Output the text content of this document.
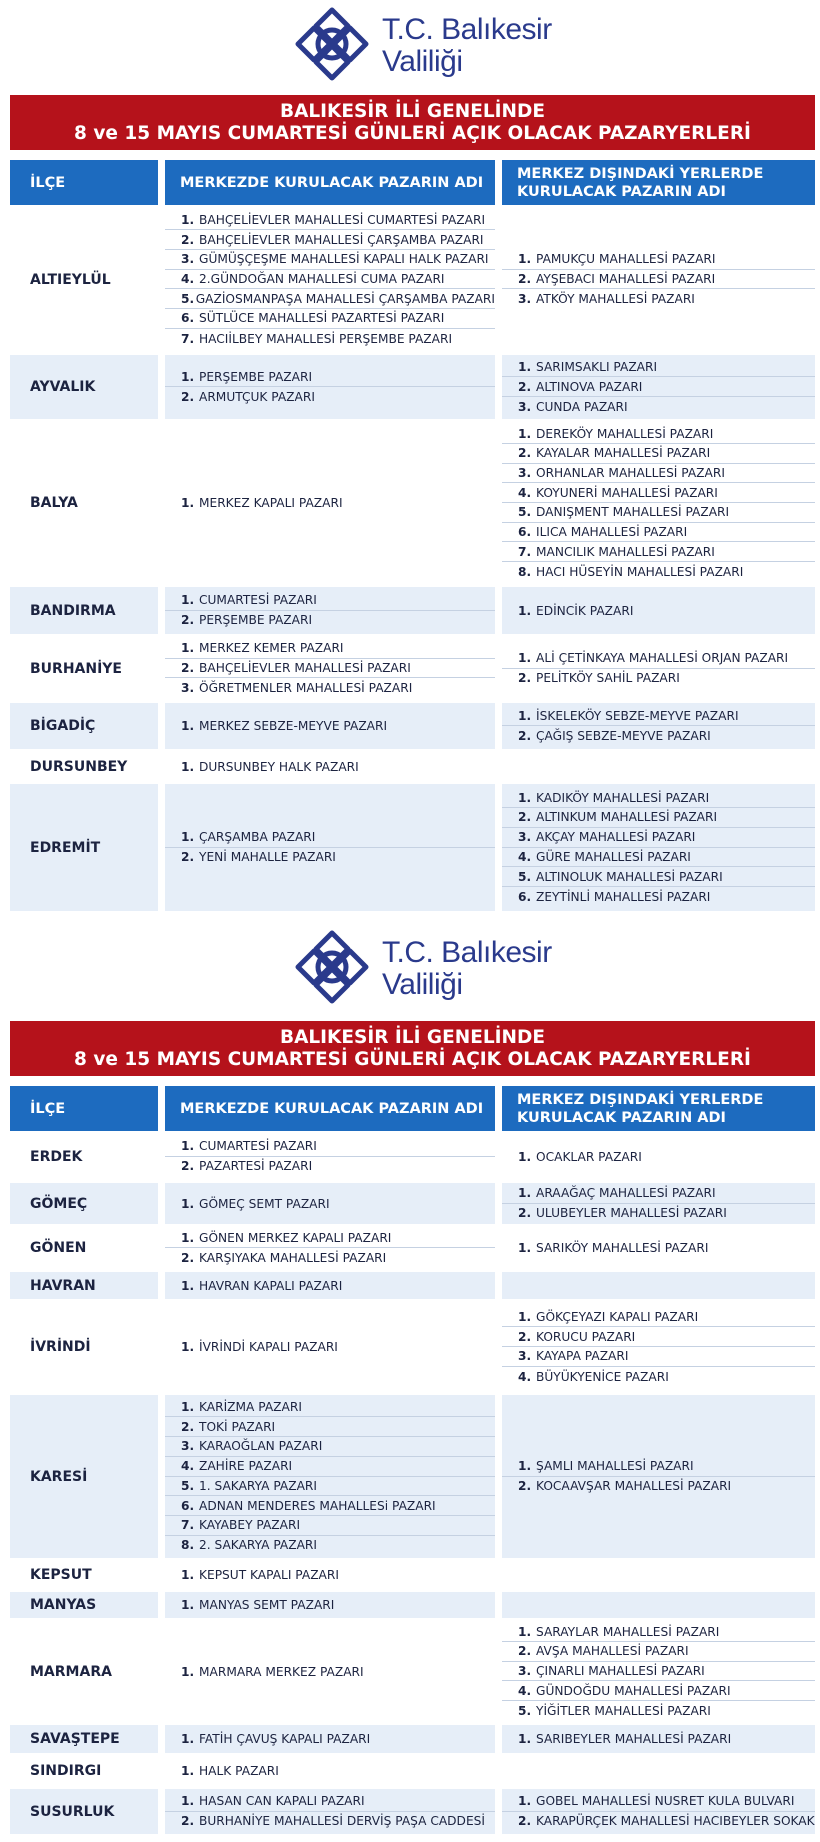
T.C. Balıkesir
Valiliği
BALIKESİR İLİ GENELİNDE
8 ve 15 MAYIS CUMARTESİ GÜNLERİ AÇIK OLACAK PAZARYERLERİ
İLÇE	MERKEZDE KURULACAK PAZARIN ADI
MERKEZ DIŞINDAKİ YERLERDE KURULACAK PAZARIN ADI
ALTIEYLÜL
1. BAHÇELİEVLER MAHALLESİ CUMARTESİ PAZARI
2. BAHÇELİEVLER MAHALLESİ ÇARŞAMBA PAZARI
3. GÜMÜŞÇEŞME MAHALLESİ KAPALI HALK PAZARI
4. 2.GÜNDOĞAN MAHALLESİ CUMA PAZARI
5. GAZİOSMANPAŞA MAHALLESİ ÇARŞAMBA PAZARI
6. SÜTLÜCE MAHALLESİ PAZARTESİ PAZARI
7. HACIİLBEY MAHALLESİ PERŞEMBE PAZARI
1. PAMUKÇU MAHALLESİ PAZARI
2. AYŞEBACI MAHALLESİ PAZARI
3. ATKÖY MAHALLESİ PAZARI
AYVALIK
1. PERŞEMBE PAZARI
2. ARMUTÇUK PAZARI
1. SARIMSAKLI PAZARI
2. ALTINOVA PAZARI
3. CUNDA PAZARI
BALYA	1. MERKEZ KAPALI PAZARI
1. DEREKÖY MAHALLESİ PAZARI
2. KAYALAR MAHALLESİ PAZARI
3. ORHANLAR MAHALLESİ PAZARI
4. KOYUNERİ MAHALLESİ PAZARI
5. DANIŞMENT MAHALLESİ PAZARI
6. ILICA MAHALLESİ PAZARI
7. MANCILIK MAHALLESİ PAZARI
8. HACI HÜSEYİN MAHALLESİ PAZARI
BANDIRMA
1. CUMARTESİ PAZARI
2. PERŞEMBE PAZARI
1. EDİNCİK PAZARI
BURHANİYE
1. MERKEZ KEMER PAZARI
2. BAHÇELİEVLER MAHALLESİ PAZARI
3. ÖĞRETMENLER MAHALLESİ PAZARI
1. ALİ ÇETİNKAYA MAHALLESİ ORJAN PAZARI
2. PELİTKÖY SAHİL PAZARI
BİGADİÇ	1. MERKEZ SEBZE-MEYVE PAZARI
1. İSKELEKÖY SEBZE-MEYVE PAZARI
2. ÇAĞIŞ SEBZE-MEYVE PAZARI
DURSUNBEY	1. DURSUNBEY HALK PAZARI
EDREMİT
1. ÇARŞAMBA PAZARI
2. YENİ MAHALLE PAZARI
1. KADIKÖY MAHALLESİ PAZARI
2. ALTINKUM MAHALLESİ PAZARI
3. AKÇAY MAHALLESİ PAZARI
4. GÜRE MAHALLESİ PAZARI
5. ALTINOLUK MAHALLESİ PAZARI
6. ZEYTİNLİ MAHALLESİ PAZARI
T.C. Balıkesir
Valiliği
BALIKESİR İLİ GENELİNDE
8 ve 15 MAYIS CUMARTESİ GÜNLERİ AÇIK OLACAK PAZARYERLERİ
İLÇE	MERKEZDE KURULACAK PAZARIN ADI
MERKEZ DIŞINDAKİ YERLERDE KURULACAK PAZARIN ADI
ERDEK
1. CUMARTESİ PAZARI
2. PAZARTESİ PAZARI
1. OCAKLAR PAZARI
GÖMEÇ	1. GÖMEÇ SEMT PAZARI
1. ARAAĞAÇ MAHALLESİ PAZARI
2. ULUBEYLER MAHALLESİ PAZARI
GÖNEN
1. GÖNEN MERKEZ KAPALI PAZARI
2. KARŞIYAKA MAHALLESİ PAZARI
1. SARIKÖY MAHALLESİ PAZARI
HAVRAN	1. HAVRAN KAPALI PAZARI
İVRİNDİ	1. İVRİNDİ KAPALI PAZARI
1. GÖKÇEYAZI KAPALI PAZARI
2. KORUCU PAZARI
3. KAYAPA PAZARI
4. BÜYÜKYENİCE PAZARI
KARESİ
1. KARİZMA PAZARI
2. TOKİ PAZARI
3. KARAOĞLAN PAZARI
4. ZAHİRE PAZARI
5. 1. SAKARYA PAZARI
6. ADNAN MENDERES MAHALLESi PAZARI
7. KAYABEY PAZARI
8. 2. SAKARYA PAZARI
1. ŞAMLI MAHALLESİ PAZARI
2. KOCAAVŞAR MAHALLESİ PAZARI
KEPSUT	1. KEPSUT KAPALI PAZARI
MANYAS	1. MANYAS SEMT PAZARI
MARMARA	1. MARMARA MERKEZ PAZARI
1. SARAYLAR MAHALLESİ PAZARI
2. AVŞA MAHALLESİ PAZARI
3. ÇINARLI MAHALLESİ PAZARI
4. GÜNDOĞDU MAHALLESİ PAZARI
5. YİĞİTLER MAHALLESİ PAZARI
SAVAŞTEPE	1. FATİH ÇAVUŞ KAPALI PAZARI	1. SARIBEYLER MAHALLESİ PAZARI
SINDIRGI	1. HALK PAZARI
SUSURLUK
1. HASAN CAN KAPALI PAZARI
2. BURHANİYE MAHALLESİ DERVİŞ PAŞA CADDESİ
1. GOBEL MAHALLESİ NUSRET KULA BULVARI
2. KARAPÜRÇEK MAHALLESİ HACIBEYLER SOKAK
